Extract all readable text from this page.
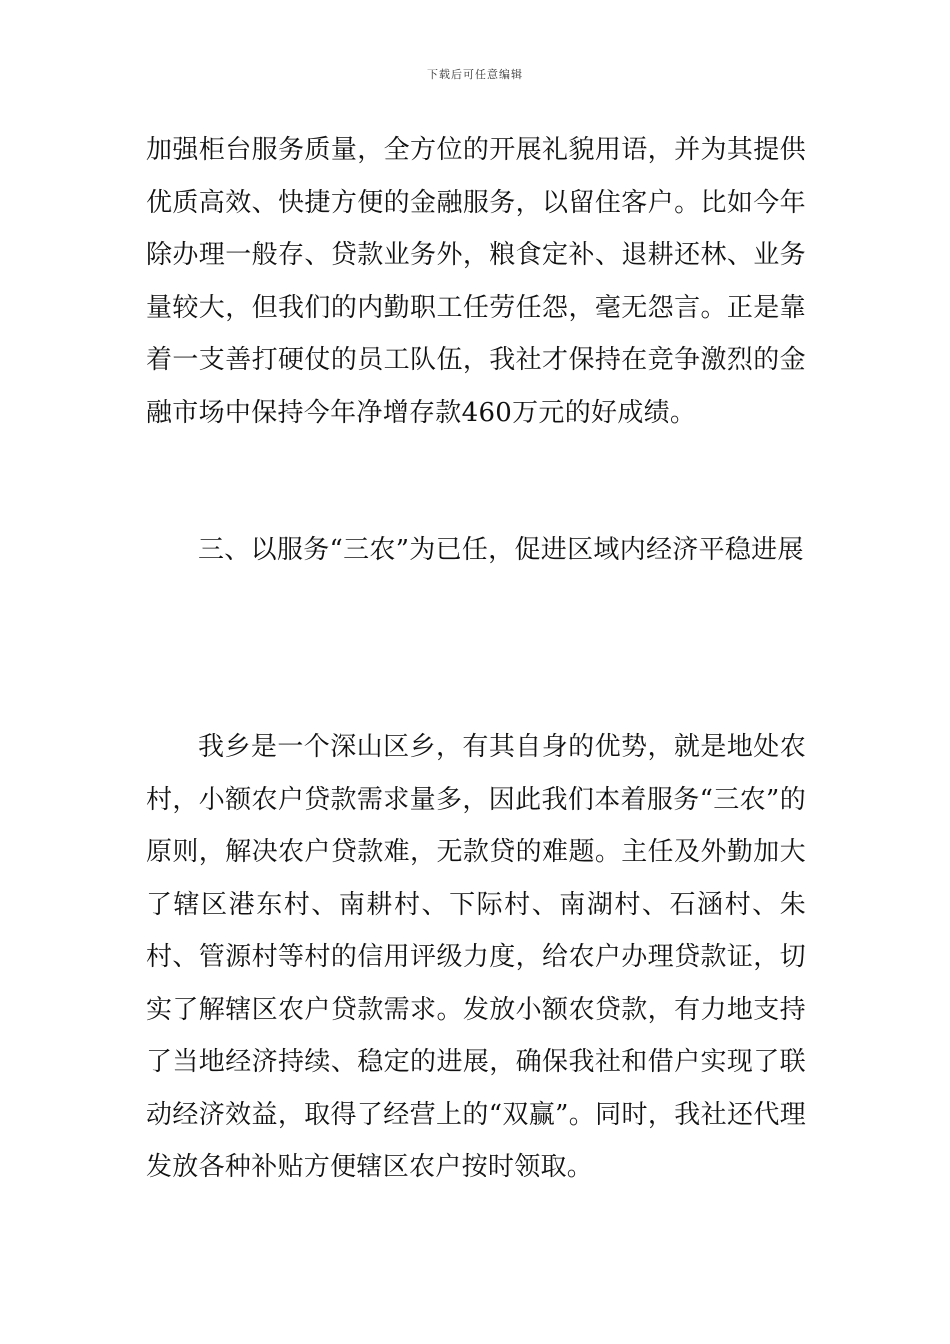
下载后可任意编辑

加强柜台服务质量，全方位的开展礼貌用语，并为其提供优质高效、快捷方便的金融服务，以留住客户。比如今年除办理一般存、贷款业务外，粮食定补、退耕还林、业务量较大，但我们的内勤职工任劳任怨，毫无怨言。正是靠着一支善打硬仗的员工队伍，我社才保持在竞争激烈的金融市场中保持今年净增存款460万元的好成绩。

三、以服务“三农”为已任，促进区域内经济平稳进展

我乡是一个深山区乡，有其自身的优势，就是地处农村，小额农户贷款需求量多，因此我们本着服务“三农”的原则，解决农户贷款难，无款贷的难题。主任及外勤加大了辖区港东村、南耕村、下际村、南湖村、石涵村、朱村、管源村等村的信用评级力度，给农户办理贷款证，切实了解辖区农户贷款需求。发放小额农贷款，有力地支持了当地经济持续、稳定的进展，确保我社和借户实现了联动经济效益，取得了经营上的“双赢”。同时，我社还代理发放各种补贴方便辖区农户按时领取。
